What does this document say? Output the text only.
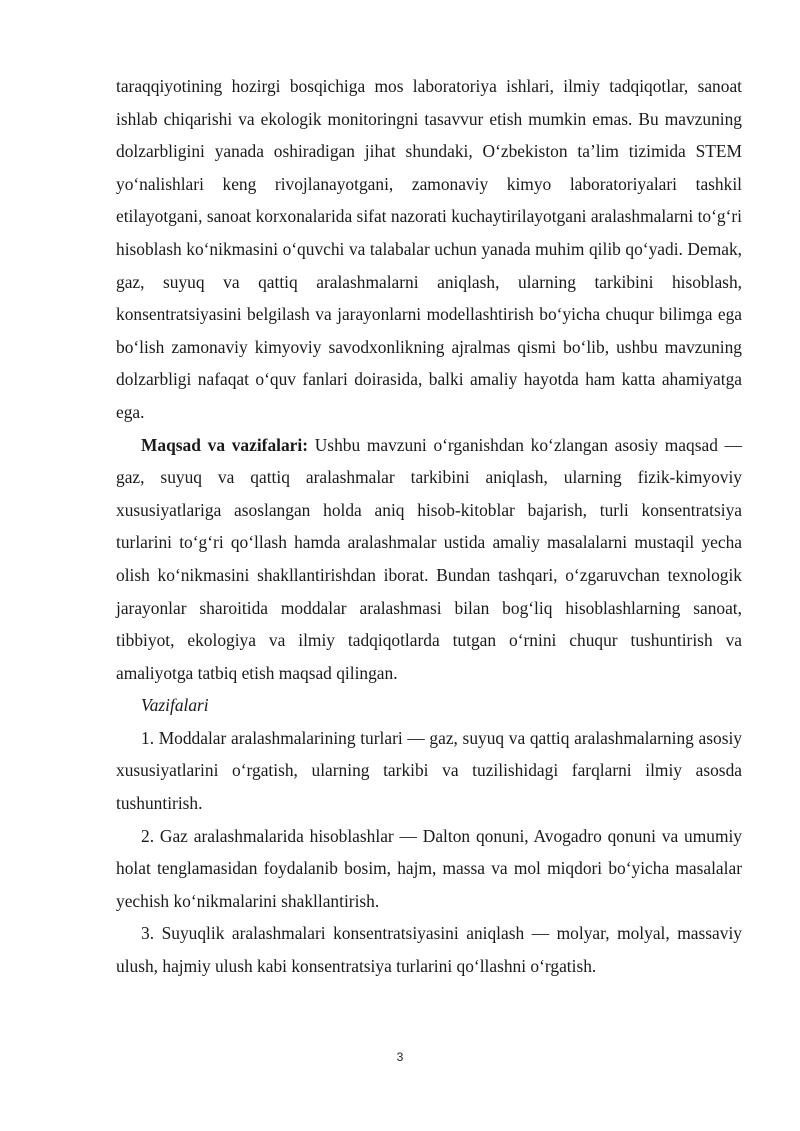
taraqqiyotining hozirgi bosqichiga mos laboratoriya ishlari, ilmiy tadqiqotlar, sanoat ishlab chiqarishi va ekologik monitoringni tasavvur etish mumkin emas. Bu mavzuning dolzarbligini yanada oshiradigan jihat shundaki, O‘zbekiston ta’lim tizimida STEM yo‘nalishlari keng rivojlanayotgani, zamonaviy kimyo laboratoriyalari tashkil etilayotgani, sanoat korxonalarida sifat nazorati kuchaytirilayotgani aralashmalarni to‘g‘ri hisoblash ko‘nikmasini o‘quvchi va talabalar uchun yanada muhim qilib qo‘yadi. Demak, gaz, suyuq va qattiq aralashmalarni aniqlash, ularning tarkibini hisoblash, konsentratsiyasini belgilash va jarayonlarni modellashtirish bo‘yicha chuqur bilimga ega bo‘lish zamonaviy kimyoviy savodxonlikning ajralmas qismi bo‘lib, ushbu mavzuning dolzarbligi nafaqat o‘quv fanlari doirasida, balki amaliy hayotda ham katta ahamiyatga ega.

Maqsad va vazifalari: Ushbu mavzuni o‘rganishdan ko‘zlangan asosiy maqsad — gaz, suyuq va qattiq aralashmalar tarkibini aniqlash, ularning fizik-kimyoviy xususiyatlariga asoslangan holda aniq hisob-kitoblar bajarish, turli konsentratsiya turlarini to‘g‘ri qo‘llash hamda aralashmalar ustida amaliy masalalarni mustaqil yecha olish ko‘nikmasini shakllantirishdan iborat. Bundan tashqari, o‘zgaruvchan texnologik jarayonlar sharoitida moddalar aralashmasi bilan bog‘liq hisoblashlarning sanoat, tibbiyot, ekologiya va ilmiy tadqiqotlarda tutgan o‘rnini chuqur tushuntirish va amaliyotga tatbiq etish maqsad qilingan.

Vazifalari

1. Moddalar aralashmalarining turlari — gaz, suyuq va qattiq aralashmalarning asosiy xususiyatlarini o‘rgatish, ularning tarkibi va tuzilishidagi farqlarni ilmiy asosda tushuntirish.

2. Gaz aralashmalarida hisoblashlar — Dalton qonuni, Avogadro qonuni va umumiy holat tenglamasidan foydalanib bosim, hajm, massa va mol miqdori bo‘yicha masalalar yechish ko‘nikmalarini shakllantirish.

3. Suyuqlik aralashmalari konsentratsiyasini aniqlash — molyar, molyal, massaviy ulush, hajmiy ulush kabi konsentratsiya turlarini qo‘llashni o‘rgatish.

3
